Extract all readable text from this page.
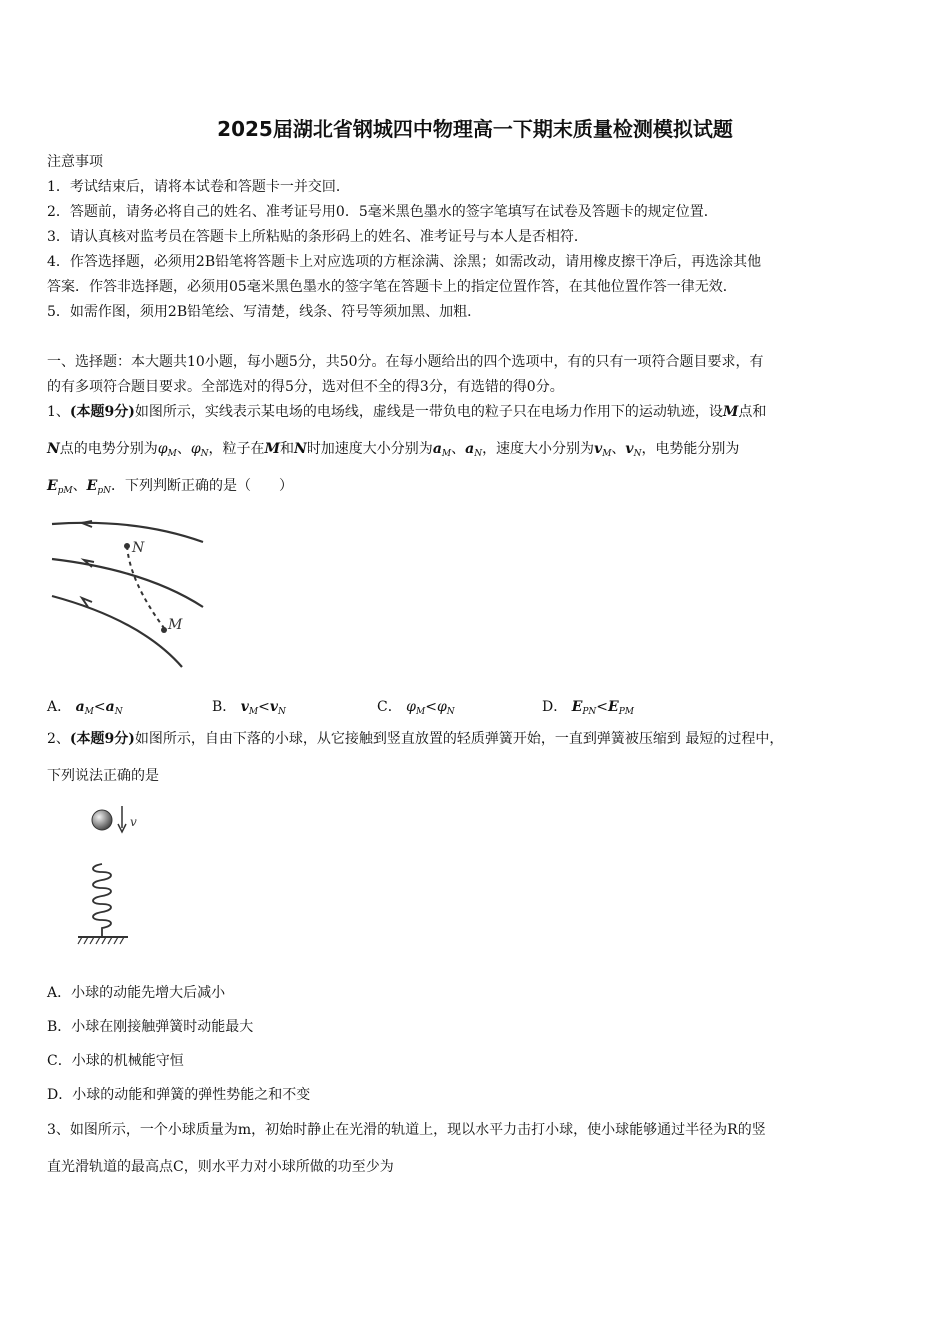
2025届湖北省钢城四中物理高一下期末质量检测模拟试题
注意事项
1．考试结束后，请将本试卷和答题卡一并交回．
2．答题前，请务必将自己的姓名、准考证号用0．5毫米黑色墨水的签字笔填写在试卷及答题卡的规定位置．
3．请认真核对监考员在答题卡上所粘贴的条形码上的姓名、准考证号与本人是否相符．
4．作答选择题，必须用2B铅笔将答题卡上对应选项的方框涂满、涂黑；如需改动，请用橡皮擦干净后，再选涂其他
答案．作答非选择题，必须用05毫米黑色墨水的签字笔在答题卡上的指定位置作答，在其他位置作答一律无效．
5．如需作图，须用2B铅笔绘、写清楚，线条、符号等须加黑、加粗．
一、选择题：本大题共10小题，每小题5分，共50分。在每小题给出的四个选项中，有的只有一项符合题目要求，有
的有多项符合题目要求。全部选对的得5分，选对但不全的得3分，有选错的得0分。
1、(本题9分)如图所示，实线表示某电场的电场线，虚线是一带负电的粒子只在电场力作用下的运动轨迹，设M点和
N点的电势分别为$\varphi_M$、$\varphi_N$，粒子在M和N时加速度大小分别为$a_M$、$a_N$，速度大小分别为$v_M$、$v_N$，电势能分别为
$E_{pM}$、$E_{pN}$．下列判断正确的是（　　）
N
M
A． $a_M<a_N$	B． $v_M<v_N$	C． $\varphi_M<\varphi_N$	D． $E_{PN}<E_{PM}$
2、(本题9分)如图所示，自由下落的小球，从它接触到竖直放置的轻质弹簧开始，一直到弹簧被压缩到 最短的过程中，
下列说法正确的是
v
A．小球的动能先增大后减小
B．小球在刚接触弹簧时动能最大
C．小球的机械能守恒
D．小球的动能和弹簧的弹性势能之和不变
3、如图所示，一个小球质量为m，初始时静止在光滑的轨道上，现以水平力击打小球，使小球能够通过半径为R的竖
直光滑轨道的最高点C，则水平力对小球所做的功至少为
